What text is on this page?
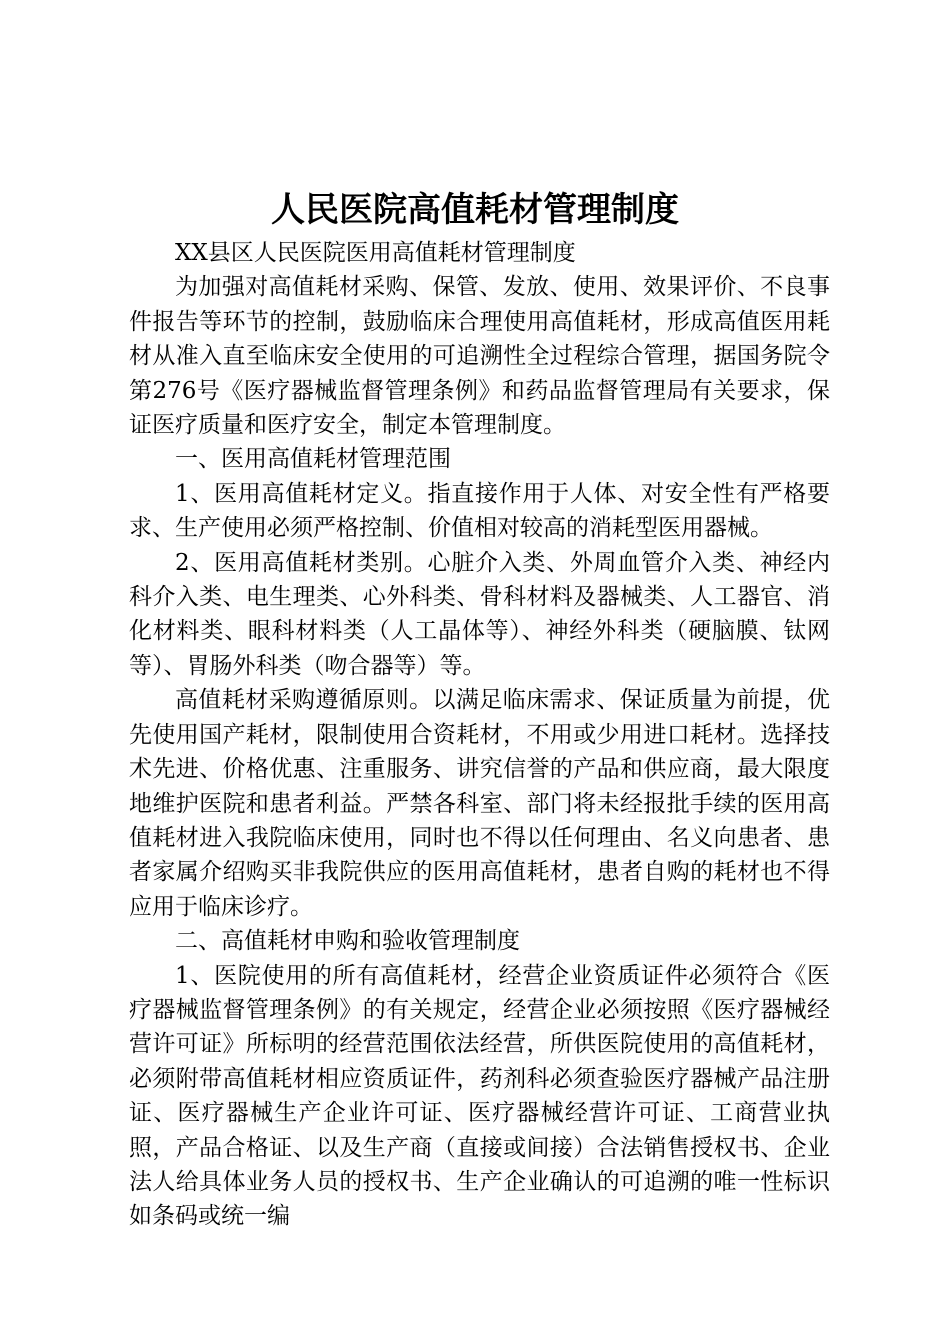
人民医院高值耗材管理制度

XX县区人民医院医用高值耗材管理制度

为加强对高值耗材采购、保管、发放、使用、效果评价、不良事件报告等环节的控制，鼓励临床合理使用高值耗材，形成高值医用耗材从准入直至临床安全使用的可追溯性全过程综合管理，据国务院令第276号《医疗器械监督管理条例》和药品监督管理局有关要求，保证医疗质量和医疗安全，制定本管理制度。

一、医用高值耗材管理范围

1、医用高值耗材定义。指直接作用于人体、对安全性有严格要求、生产使用必须严格控制、价值相对较高的消耗型医用器械。

2、医用高值耗材类别。心脏介入类、外周血管介入类、神经内科介入类、电生理类、心外科类、骨科材料及器械类、人工器官、消化材料类、眼科材料类（人工晶体等）、神经外科类（硬脑膜、钛网等）、胃肠外科类（吻合器等）等。

高值耗材采购遵循原则。以满足临床需求、保证质量为前提，优先使用国产耗材，限制使用合资耗材，不用或少用进口耗材。选择技术先进、价格优惠、注重服务、讲究信誉的产品和供应商，最大限度地维护医院和患者利益。严禁各科室、部门将未经报批手续的医用高值耗材进入我院临床使用，同时也不得以任何理由、名义向患者、患者家属介绍购买非我院供应的医用高值耗材，患者自购的耗材也不得应用于临床诊疗。

二、高值耗材申购和验收管理制度

1、医院使用的所有高值耗材，经营企业资质证件必须符合《医疗器械监督管理条例》的有关规定，经营企业必须按照《医疗器械经营许可证》所标明的经营范围依法经营，所供医院使用的高值耗材，必须附带高值耗材相应资质证件，药剂科必须查验医疗器械产品注册证、医疗器械生产企业许可证、医疗器械经营许可证、工商营业执照，产品合格证、以及生产商（直接或间接）合法销售授权书、企业法人给具体业务人员的授权书、生产企业确认的可追溯的唯一性标识如条码或统一编
